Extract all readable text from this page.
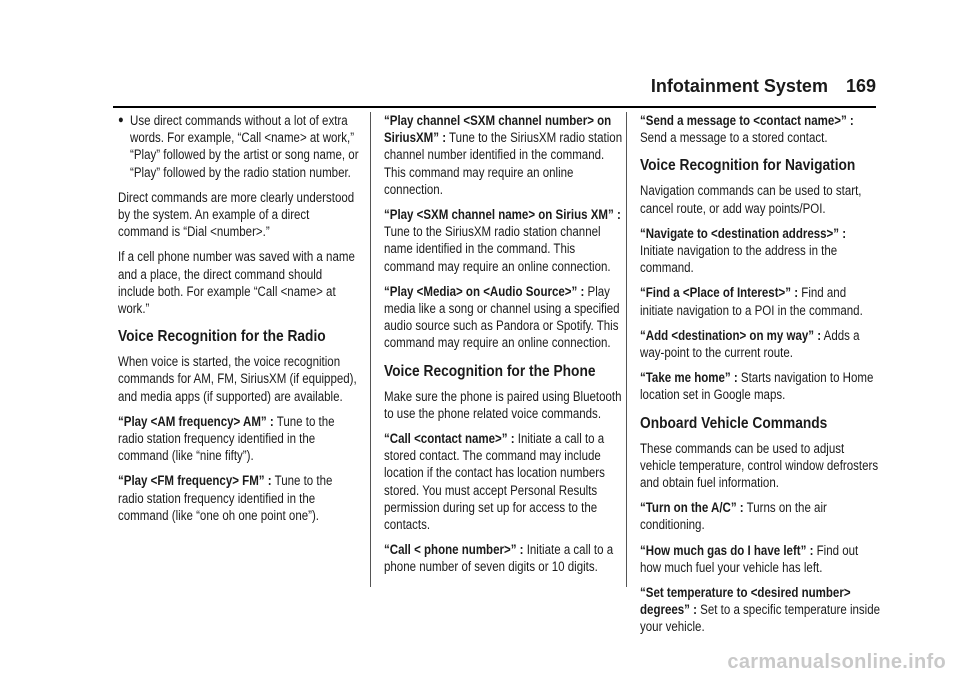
Infotainment System 169
● Use direct commands without a lot of extra words. For example, “Call <name> at work,” “Play” followed by the artist or song name, or “Play” followed by the radio station number.

Direct commands are more clearly understood by the system. An example of a direct command is “Dial <number>.”

If a cell phone number was saved with a name and a place, the direct command should include both. For example “Call <name> at work.”

Voice Recognition for the Radio

When voice is started, the voice recognition commands for AM, FM, SiriusXM (if equipped), and media apps (if supported) are available.

“Play <AM frequency> AM” : Tune to the radio station frequency identified in the command (like “nine fifty”).

“Play <FM frequency> FM” : Tune to the radio station frequency identified in the command (like “one oh one point one”).

“Play channel <SXM channel number> on SiriusXM” : Tune to the SiriusXM radio station channel number identified in the command. This command may require an online connection.

“Play <SXM channel name> on Sirius XM” : Tune to the SiriusXM radio station channel name identified in the command. This command may require an online connection.

“Play <Media> on <Audio Source>” : Play media like a song or channel using a specified audio source such as Pandora or Spotify. This command may require an online connection.

Voice Recognition for the Phone

Make sure the phone is paired using Bluetooth to use the phone related voice commands.

“Call <contact name>” : Initiate a call to a stored contact. The command may include location if the contact has location numbers stored. You must accept Personal Results permission during set up for access to the contacts.

“Call < phone number>” : Initiate a call to a phone number of seven digits or 10 digits.

“Send a message to <contact name>” : Send a message to a stored contact.

Voice Recognition for Navigation

Navigation commands can be used to start, cancel route, or add way points/POI.

“Navigate to <destination address>” : Initiate navigation to the address in the command.

“Find a <Place of Interest>” : Find and initiate navigation to a POI in the command.

“Add <destination> on my way” : Adds a way-point to the current route.

“Take me home” : Starts navigation to Home location set in Google maps.

Onboard Vehicle Commands

These commands can be used to adjust vehicle temperature, control window defrosters and obtain fuel information.

“Turn on the A/C” : Turns on the air conditioning.

“How much gas do I have left” : Find out how much fuel your vehicle has left.

“Set temperature to <desired number> degrees” : Set to a specific temperature inside your vehicle.

carmanualsonline.info
